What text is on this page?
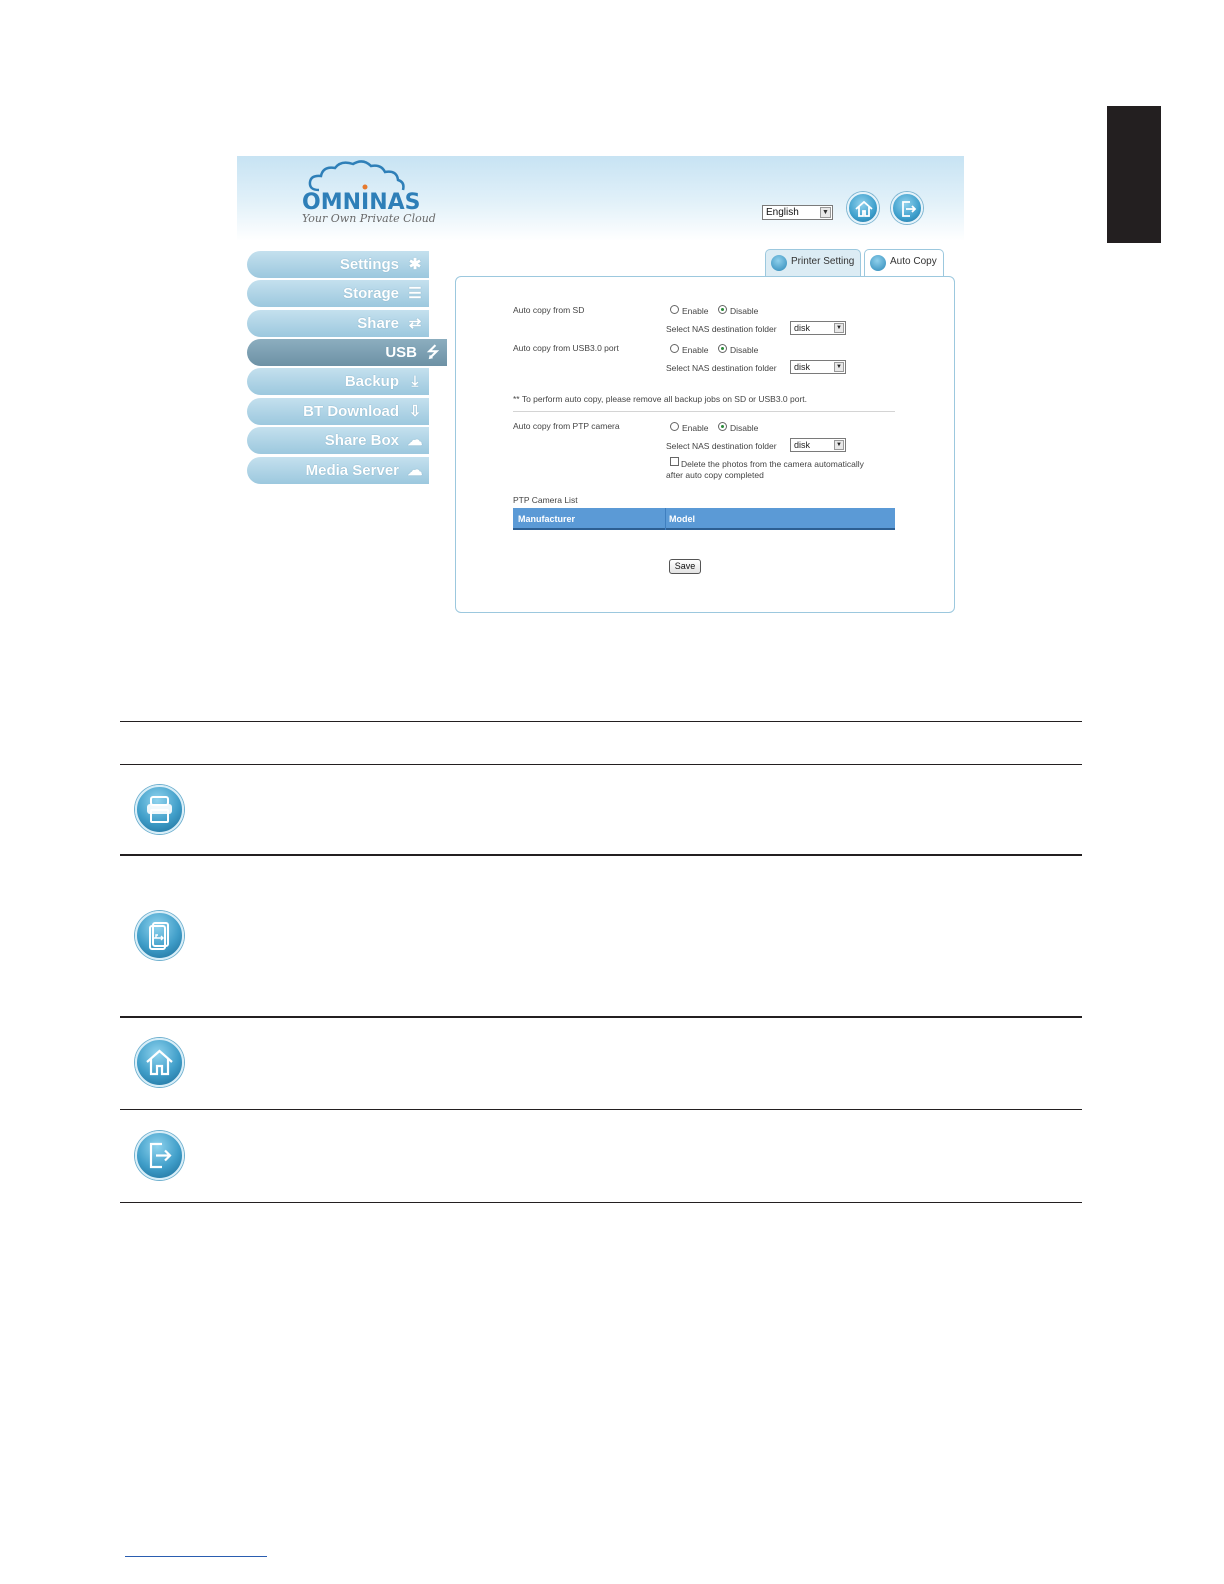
OMNINAS
Your Own Private Cloud	English	▼
Settings ✱
Storage ☰
Share ⇄
USB ⭍
Backup ⤓
BT Download ⇩
Share Box ☁
Media Server ☁
Printer Setting	Auto Copy
Auto copy from SD	Enable	Disable
Select NAS destination folder	disk	▼
Auto copy from USB3.0 port	Enable	Disable
Select NAS destination folder	disk	▼
** To perform auto copy, please remove all backup jobs on SD or USB3.0 port.
Auto copy from PTP camera	Enable	Disable
Select NAS destination folder	disk	▼
Delete the photos from the camera automatically
after auto copy completed
PTP Camera List
Manufacturer	Model
Save
